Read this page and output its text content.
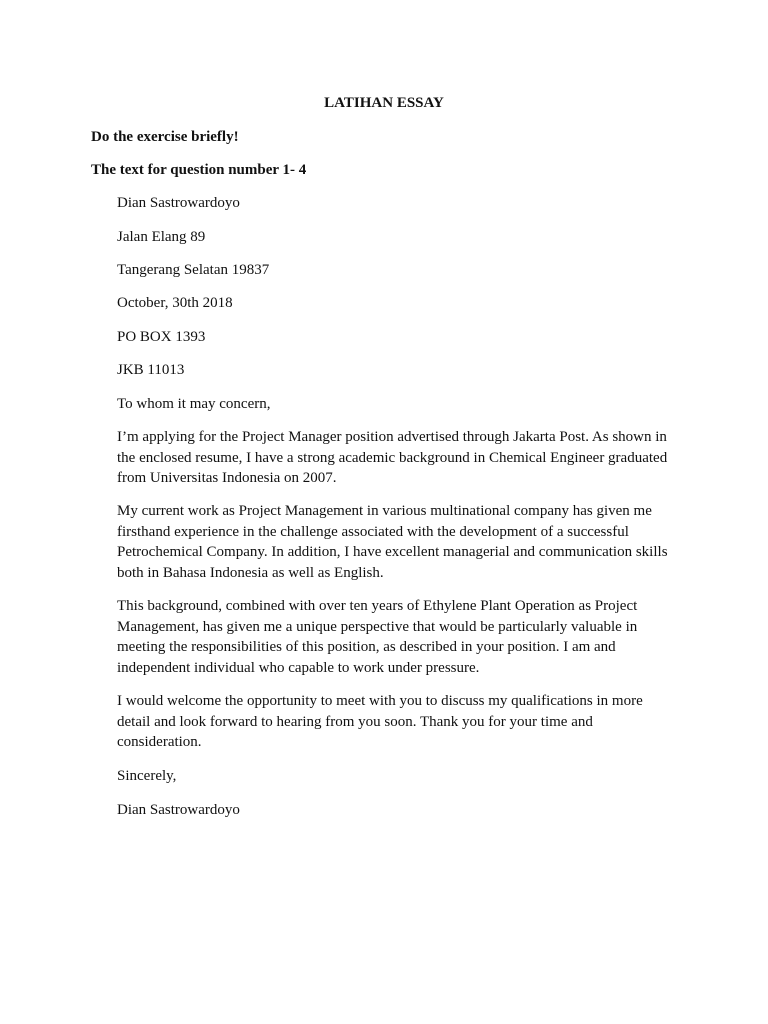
LATIHAN ESSAY
Do the exercise briefly!
The text for question number 1- 4
Dian Sastrowardoyo
Jalan Elang 89
Tangerang Selatan 19837
October, 30th 2018
PO BOX 1393
JKB 11013
To whom it may concern,
I’m applying for the Project Manager position advertised through Jakarta Post. As shown in the enclosed resume, I have a strong academic background in Chemical Engineer graduated from Universitas Indonesia on 2007.
My current work as Project Management in various multinational company has given me firsthand experience in the challenge associated with the development of a successful Petrochemical Company. In addition, I have excellent managerial and communication skills both in Bahasa Indonesia as well as English.
This background, combined with over ten years of Ethylene Plant Operation as Project Management, has given me a unique perspective that would be particularly valuable in meeting the responsibilities of this position, as described in your position. I am and independent individual who capable to work under pressure.
I would welcome the opportunity to meet with you to discuss my qualifications in more detail and look forward to hearing from you soon. Thank you for your time and consideration.
Sincerely,
Dian Sastrowardoyo
